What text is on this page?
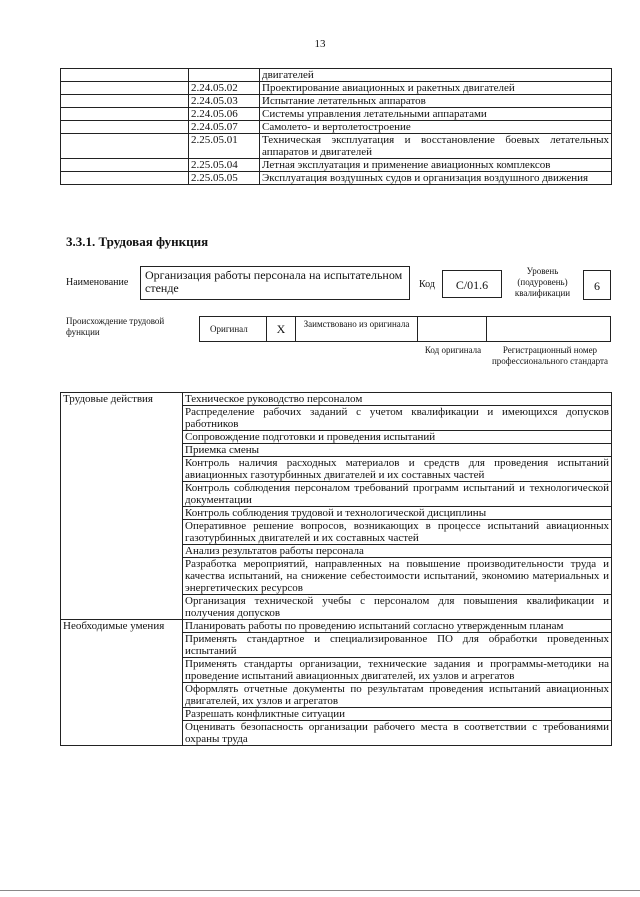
13
		двигателей
	2.24.05.02	Проектирование авиационных и ракетных двигателей
	2.24.05.03	Испытание летательных аппаратов
	2.24.05.06	Системы управления летательными аппаратами
	2.24.05.07	Самолето- и вертолетостроение
	2.25.05.01	Техническая эксплуатация и восстановление боевых летательных аппаратов и двигателей
	2.25.05.04	Летная эксплуатация и применение авиационных комплексов
	2.25.05.05	Эксплуатация воздушных судов и организация воздушного движения
3.3.1. Трудовая функция
Наименование
Организация работы персонала на испытательном стенде	Код	С/01.6
Уровень (подуровень) квалификации	6
Происхождение трудовой функции	Оригинал	X	Заимствовано из оригинала
Код оригинала	Регистрационный номер профессионального стандарта
Трудовые действия	Техническое руководство персоналом
	Распределение рабочих заданий с учетом квалификации и имеющихся допусков работников
	Сопровождение подготовки и проведения испытаний
	Приемка смены
	Контроль наличия расходных материалов и средств для проведения испытаний авиационных газотурбинных двигателей и их составных частей
	Контроль соблюдения персоналом требований программ испытаний и технологической документации
	Контроль соблюдения трудовой и технологической дисциплины
	Оперативное решение вопросов, возникающих в процессе испытаний авиационных газотурбинных двигателей и их составных частей
	Анализ результатов работы персонала
	Разработка мероприятий, направленных на повышение производительности труда и качества испытаний, на снижение себестоимости испытаний, экономию материальных и энергетических ресурсов
	Организация технической учебы с персоналом для повышения квалификации и получения допусков
Необходимые умения	Планировать работы по проведению испытаний согласно утвержденным планам
	Применять стандартное и специализированное ПО для обработки проведенных испытаний
	Применять стандарты организации, технические задания и программы-методики на проведение испытаний авиационных двигателей, их узлов и агрегатов
	Оформлять отчетные документы по результатам проведения испытаний авиационных двигателей, их узлов и агрегатов
	Разрешать конфликтные ситуации
	Оценивать безопасность организации рабочего места в соответствии с требованиями охраны труда
